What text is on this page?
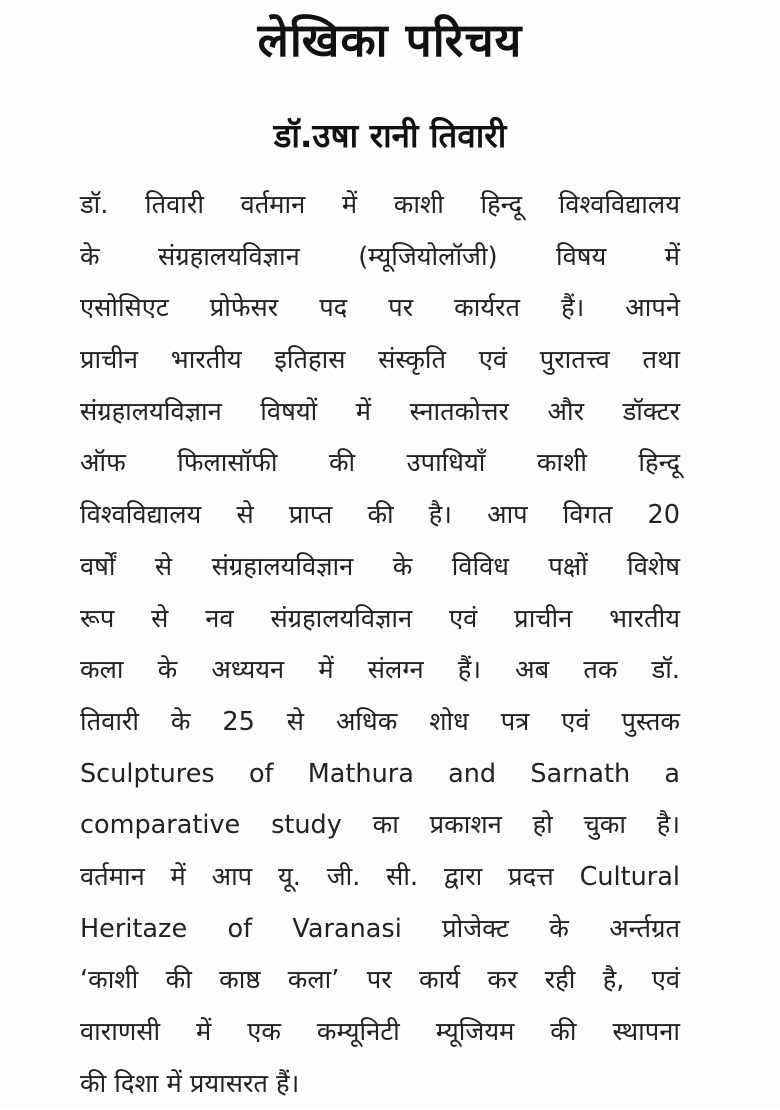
लेखिका परिचय
डॉ.उषा रानी तिवारी
डॉ. तिवारी वर्तमान में काशी हिन्दू विश्वविद्यालय
के संग्रहालयविज्ञान (म्यूजियोलॉजी) विषय में
एसोसिएट प्रोफेसर पद पर कार्यरत हैं। आपने
प्राचीन भारतीय इतिहास संस्कृति एवं पुरातत्त्व तथा
संग्रहालयविज्ञान विषयों में स्नातकोत्तर और डॉक्टर
ऑफ फिलासॉफी की उपाधियाँ काशी हिन्दू
विश्वविद्यालय से प्राप्त की है। आप विगत 20
वर्षों से संग्रहालयविज्ञान के विविध पक्षों विशेष
रूप से नव संग्रहालयविज्ञान एवं प्राचीन भारतीय
कला के अध्ययन में संलग्न हैं। अब तक डॉ.
तिवारी के 25 से अधिक शोध पत्र एवं पुस्तक
Sculptures of Mathura and Sarnath a
comparative study का प्रकाशन हो चुका है।
वर्तमान में आप यू. जी. सी. द्वारा प्रदत्त Cultural
Heritaze of Varanasi प्रोजेक्ट के अर्न्तग्रत
‘काशी की काष्ठ कला’ पर कार्य कर रही है, एवं
वाराणसी में एक कम्यूनिटी म्यूजियम की स्थापना
की दिशा में प्रयासरत हैं।
